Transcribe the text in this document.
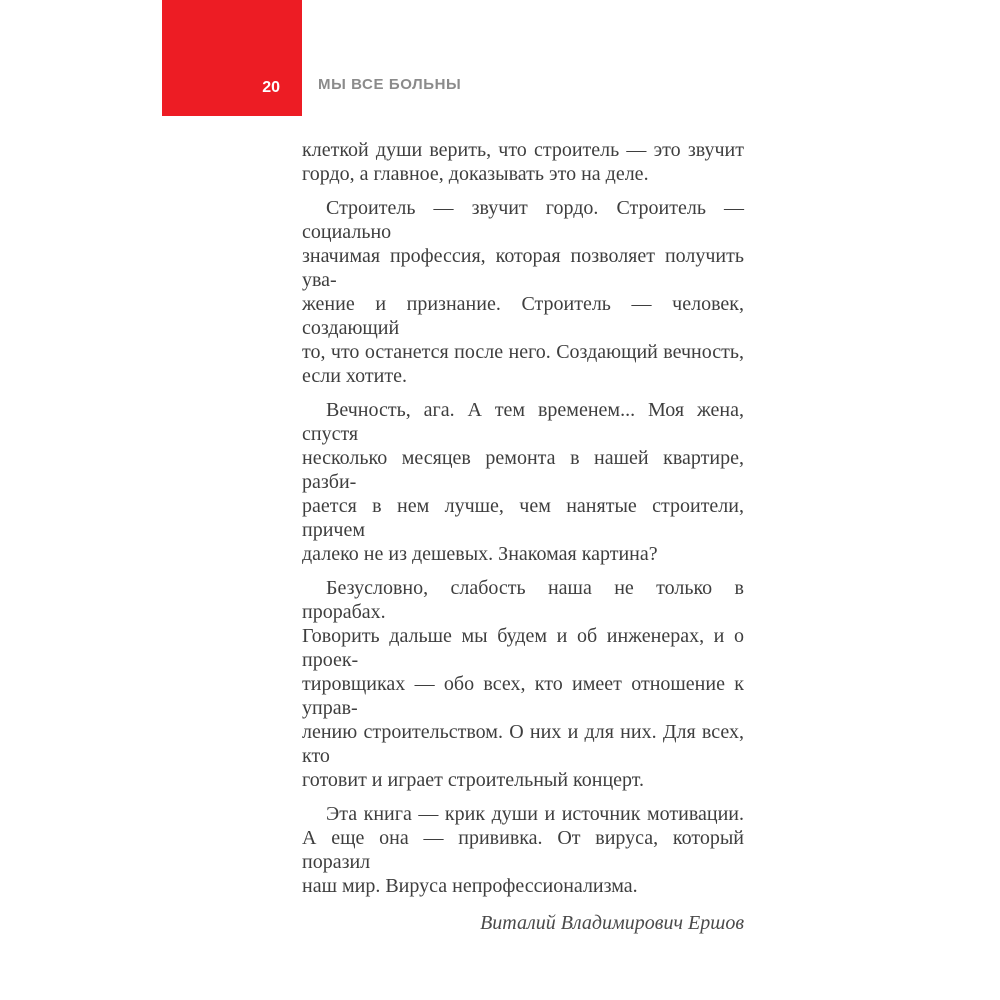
20	МЫ ВСЕ БОЛЬНЫ

клеткой души верить, что строитель — это звучит
гордо, а главное, доказывать это на деле.

Строитель — звучит гордо. Строитель — социально
значимая профессия, которая позволяет получить ува-
жение и признание. Строитель — человек, создающий
то, что останется после него. Создающий вечность,
если хотите.

Вечность, ага. А тем временем... Моя жена, спустя
несколько месяцев ремонта в нашей квартире, разби-
рается в нем лучше, чем нанятые строители, причем
далеко не из дешевых. Знакомая картина?

Безусловно, слабость наша не только в прорабах.
Говорить дальше мы будем и об инженерах, и о проек-
тировщиках — обо всех, кто имеет отношение к управ-
лению строительством. О них и для них. Для всех, кто
готовит и играет строительный концерт.

Эта книга — крик души и источник мотивации.
А еще она — прививка. От вируса, который поразил
наш мир. Вируса непрофессионализма.

Виталий Владимирович Ершов
